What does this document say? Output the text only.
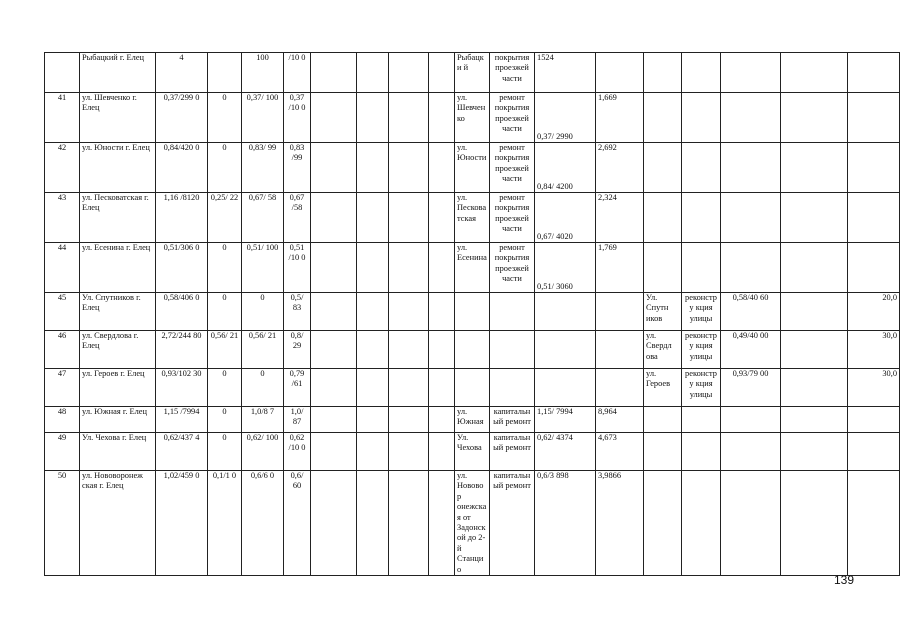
	Рыбацкий г. Елец	4		100	/10 0					Рыбацки й	покрытия проезжей части	1524						
41	ул. Шевченко г. Елец	0,37/299 0	0	0,37/ 100	0,37 /10 0					ул. Шевчен ко	ремонт покрытия проезжей части	0,37/ 2990	1,669					
42	ул. Юности г. Елец	0,84/420 0	0	0,83/ 99	0,83 /99					ул. Юности	ремонт покрытия проезжей части	0,84/ 4200	2,692					
43	ул. Песковатская г. Елец	1,16 /8120	0,25/ 22	0,67/ 58	0,67 /58					ул. Пескова тская	ремонт покрытия проезжей части	0,67/ 4020	2,324					
44	ул. Есенина г. Елец	0,51/306 0	0	0,51/ 100	0,51 /10 0					ул. Есенина	ремонт покрытия проезжей части	0,51/ 3060	1,769					
45	Ул. Спутников г. Елец	0,58/406 0	0	0	0,5/ 83									Ул. Спутн иков	реконстру кция улицы	0,58/40 60		20,0
46	ул. Свердлова г. Елец	2,72/244 80	0,56/ 21	0,56/ 21	0,8/ 29									ул. Свердл ова	реконстру кция улицы	0,49/40 00		30,0
47	ул. Героев г. Елец	0,93/102 30	0	0	0,79 /61									ул. Героев	реконстру кция улицы	0,93/79 00		30,0
48	ул. Южная г. Елец	1,15 /7994	0	1,0/8 7	1,0/ 87					ул. Южная	капитальн ый ремонт	1,15/ 7994	8,964					
49	Ул. Чехова г. Елец	0,62/437 4	0	0,62/ 100	0,62 /10 0					Ул. Чехова	капитальн ый ремонт	0,62/ 4374	4,673					
50	ул. Нововоронеж ская г. Елец	1,02/459 0	0,1/1 0	0,6/6 0	0,6/ 60					ул. Новово р онежска я от Задонск ой до 2- й Станцио	капитальн ый ремонт	0,6/3 898	3,9866					
139
